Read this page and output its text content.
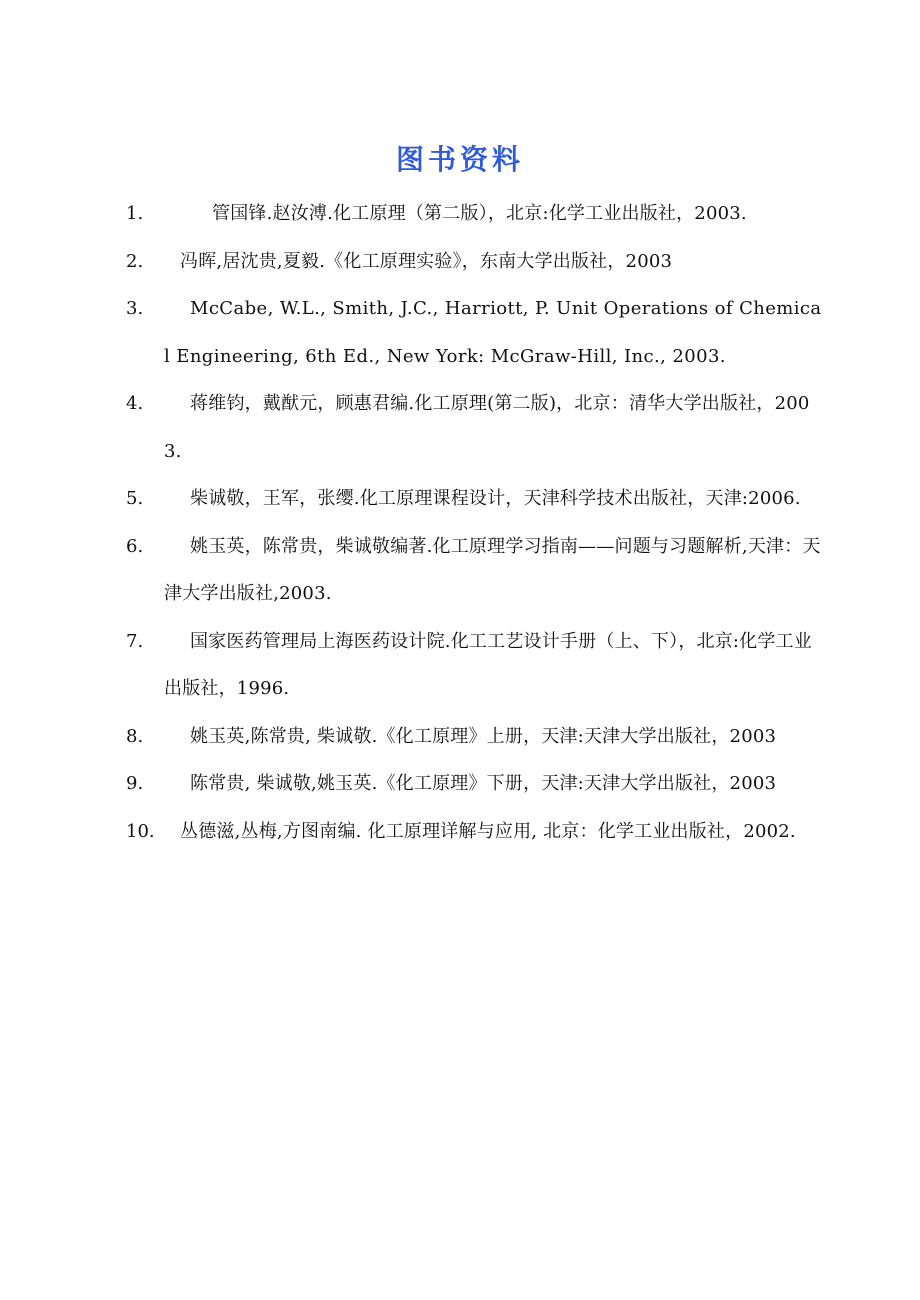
图书资料
1.	管国锋.赵汝溥.化工原理（第二版），北京:化学工业出版社，2003.
2.	冯晖,居沈贵,夏毅.《化工原理实验》，东南大学出版社，2003
3.	McCabe, W.L., Smith, J.C., Harriott, P. Unit Operations of Chemical Engineering, 6th Ed., New York: McGraw-Hill, Inc., 2003.
4.	蒋维钧，戴猷元，顾惠君编.化工原理(第二版)，北京：清华大学出版社，2003.
5.	柴诚敬，王军，张缨.化工原理课程设计，天津科学技术出版社，天津:2006.
6.	姚玉英，陈常贵，柴诚敬编著.化工原理学习指南——问题与习题解析,天津：天津大学出版社,2003.
7.	国家医药管理局上海医药设计院.化工工艺设计手册（上、下），北京:化学工业出版社，1996.
8.	姚玉英,陈常贵, 柴诚敬.《化工原理》上册，天津:天津大学出版社，2003
9.	陈常贵, 柴诚敬,姚玉英.《化工原理》下册，天津:天津大学出版社，2003
10.	丛德滋,丛梅,方图南编. 化工原理详解与应用, 北京：化学工业出版社，2002.
